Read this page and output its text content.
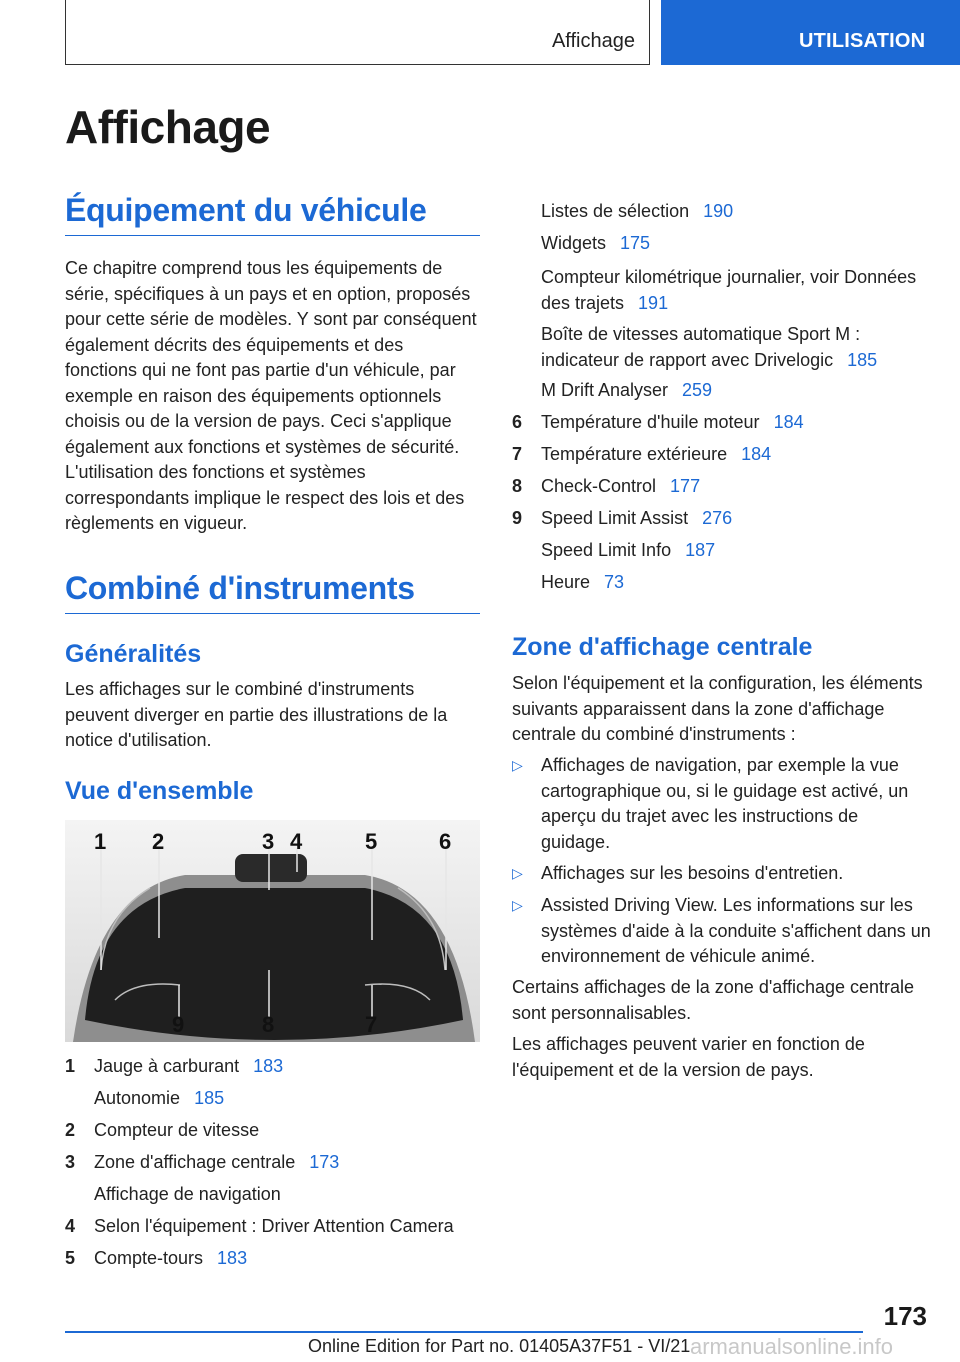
Affichage	UTILISATION
Affichage
Équipement du véhicule

Ce chapitre comprend tous les équipements de série, spécifiques à un pays et en option, proposés pour cette série de modèles. Y sont par conséquent également décrits des équipements et des fonctions qui ne font pas partie d'un véhicule, par exemple en raison des équipements optionnels choisis ou de la version de pays. Ceci s'applique également aux fonctions et systèmes de sécurité. L'utilisation des fonctions et systèmes correspondants implique le respect des lois et des règlements en vigueur.

Combiné d'instruments
Généralités

Les affichages sur le combiné d'instruments peuvent diverger en partie des illustrations de la notice d'utilisation.

Vue d'ensemble
1 2	3 4	5	6
9	8	7
1 Jauge à carburant 183
Autonomie 185
2 Compteur de vitesse
3 Zone d'affichage centrale 173
Affichage de navigation
4 Selon l'équipement : Driver Attention Camera
5 Compte-tours 183
Listes de sélection 190
Widgets 175
Compteur kilométrique journalier, voir Données des trajets 191
Boîte de vitesses automatique Sport M : indicateur de rapport avec Drivelogic 185
M Drift Analyser 259
6 Température d'huile moteur 184
7 Température extérieure 184
8 Check-Control 177
9 Speed Limit Assist 276
Speed Limit Info 187
Heure 73
Zone d'affichage centrale

Selon l'équipement et la configuration, les éléments suivants apparaissent dans la zone d'affichage centrale du combiné d'instruments :

▷ Affichages de navigation, par exemple la vue cartographique ou, si le guidage est activé, un aperçu du trajet avec les instructions de guidage.
▷ Affichages sur les besoins d'entretien.
▷ Assisted Driving View. Les informations sur les systèmes d'aide à la conduite s'affichent dans un environnement de véhicule animé.

Certains affichages de la zone d'affichage centrale sont personnalisables.

Les affichages peuvent varier en fonction de l'équipement et de la version de pays.

173
Online Edition for Part no. 01405A37F51 - VI/21 armanualsonline.info
